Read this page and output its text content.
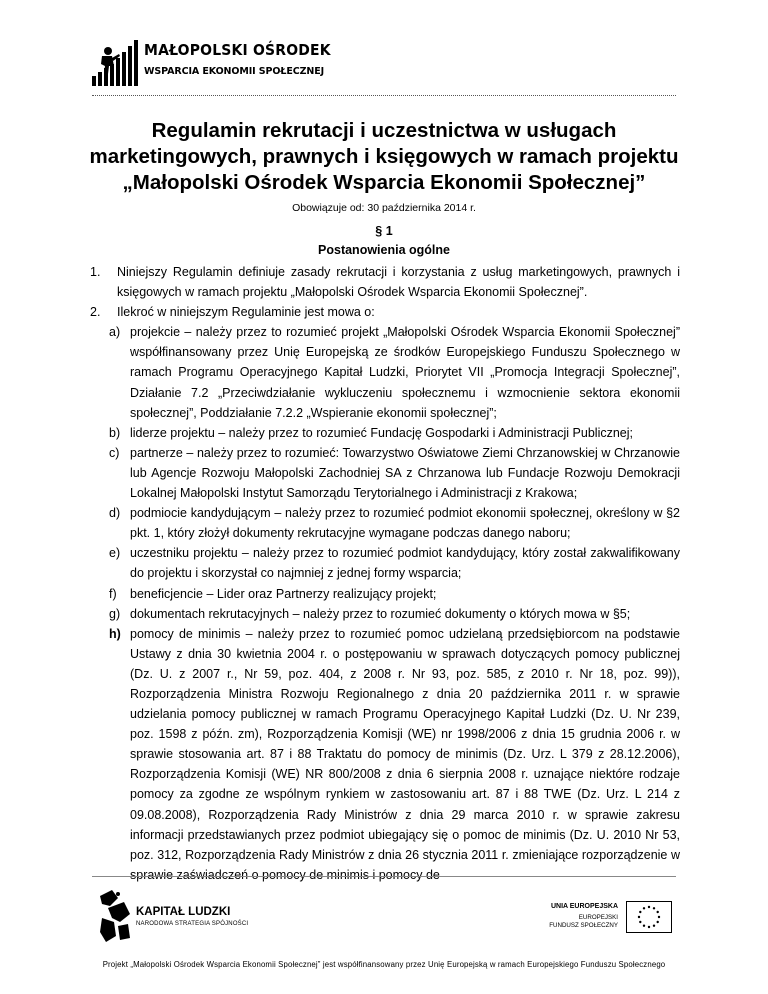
MAŁOPOLSKI OŚRODEK
WSPARCIA EKONOMII SPOŁECZNEJ
Regulamin rekrutacji i uczestnictwa w usługach
marketingowych, prawnych i księgowych w ramach projektu
„Małopolski Ośrodek Wsparcia Ekonomii Społecznej”
Obowiązuje od: 30 października 2014 r.
§ 1
Postanowienia ogólne
1. Niniejszy Regulamin definiuje zasady rekrutacji i korzystania z usług marketingowych, prawnych i księgowych w ramach projektu „Małopolski Ośrodek Wsparcia Ekonomii Społecznej”.
2. Ilekroć w niniejszym Regulaminie jest mowa o:
a) projekcie – należy przez to rozumieć projekt „Małopolski Ośrodek Wsparcia Ekonomii Społecznej” współfinansowany przez Unię Europejską ze środków Europejskiego Funduszu Społecznego w ramach Programu Operacyjnego Kapitał Ludzki, Priorytet VII „Promocja Integracji Społecznej”, Działanie 7.2 „Przeciwdziałanie wykluczeniu społecznemu i wzmocnienie sektora ekonomii społecznej”, Poddziałanie 7.2.2 „Wspieranie ekonomii społecznej”;
b) liderze projektu – należy przez to rozumieć Fundację Gospodarki i Administracji Publicznej;
c) partnerze – należy przez to rozumieć: Towarzystwo Oświatowe Ziemi Chrzanowskiej w Chrzanowie lub Agencje Rozwoju Małopolski Zachodniej SA z Chrzanowa lub Fundacje Rozwoju Demokracji Lokalnej Małopolski Instytut Samorządu Terytorialnego i Administracji z Krakowa;
d) podmiocie kandydującym – należy przez to rozumieć podmiot ekonomii społecznej, określony w §2 pkt. 1, który złożył dokumenty rekrutacyjne wymagane podczas danego naboru;
e) uczestniku projektu – należy przez to rozumieć podmiot kandydujący, który został zakwalifikowany do projektu i skorzystał co najmniej z jednej formy wsparcia;
f) beneficjencie – Lider oraz Partnerzy realizujący projekt;
g) dokumentach rekrutacyjnych – należy przez to rozumieć dokumenty o których mowa w §5;
h) pomocy de minimis – należy przez to rozumieć pomoc udzielaną przedsiębiorcom na podstawie Ustawy z dnia 30 kwietnia 2004 r. o postępowaniu w sprawach dotyczących pomocy publicznej (Dz. U. z 2007 r., Nr 59, poz. 404, z 2008 r. Nr 93, poz. 585, z 2010 r. Nr 18, poz. 99)), Rozporządzenia Ministra Rozwoju Regionalnego z dnia 20 października 2011 r. w sprawie udzielania pomocy publicznej w ramach Programu Operacyjnego Kapitał Ludzki (Dz. U. Nr 239, poz. 1598 z późn. zm), Rozporządzenia Komisji (WE) nr 1998/2006 z dnia 15 grudnia 2006 r. w sprawie stosowania art. 87 i 88 Traktatu do pomocy de minimis (Dz. Urz. L 379 z 28.12.2006), Rozporządzenia Komisji (WE) NR 800/2008 z dnia 6 sierpnia 2008 r. uznające niektóre rodzaje pomocy za zgodne ze wspólnym rynkiem w zastosowaniu art. 87 i 88 TWE (Dz. Urz. L 214 z 09.08.2008), Rozporządzenia Rady Ministrów z dnia 29 marca 2010 r. w sprawie zakresu informacji przedstawianych przez podmiot ubiegający się o pomoc de minimis (Dz. U. 2010 Nr 53, poz. 312, Rozporządzenia Rady Ministrów z dnia 26 stycznia 2011 r. zmieniające rozporządzenie w sprawie zaświadczeń o pomocy de minimis i pomocy de
KAPITAŁ LUDZKI
NARODOWA STRATEGIA SPÓJNOŚCI
UNIA EUROPEJSKA
EUROPEJSKI
FUNDUSZ SPOŁECZNY
Projekt „Małopolski Ośrodek Wsparcia Ekonomii Społecznej” jest współfinansowany przez Unię Europejską w ramach Europejskiego Funduszu Społecznego
